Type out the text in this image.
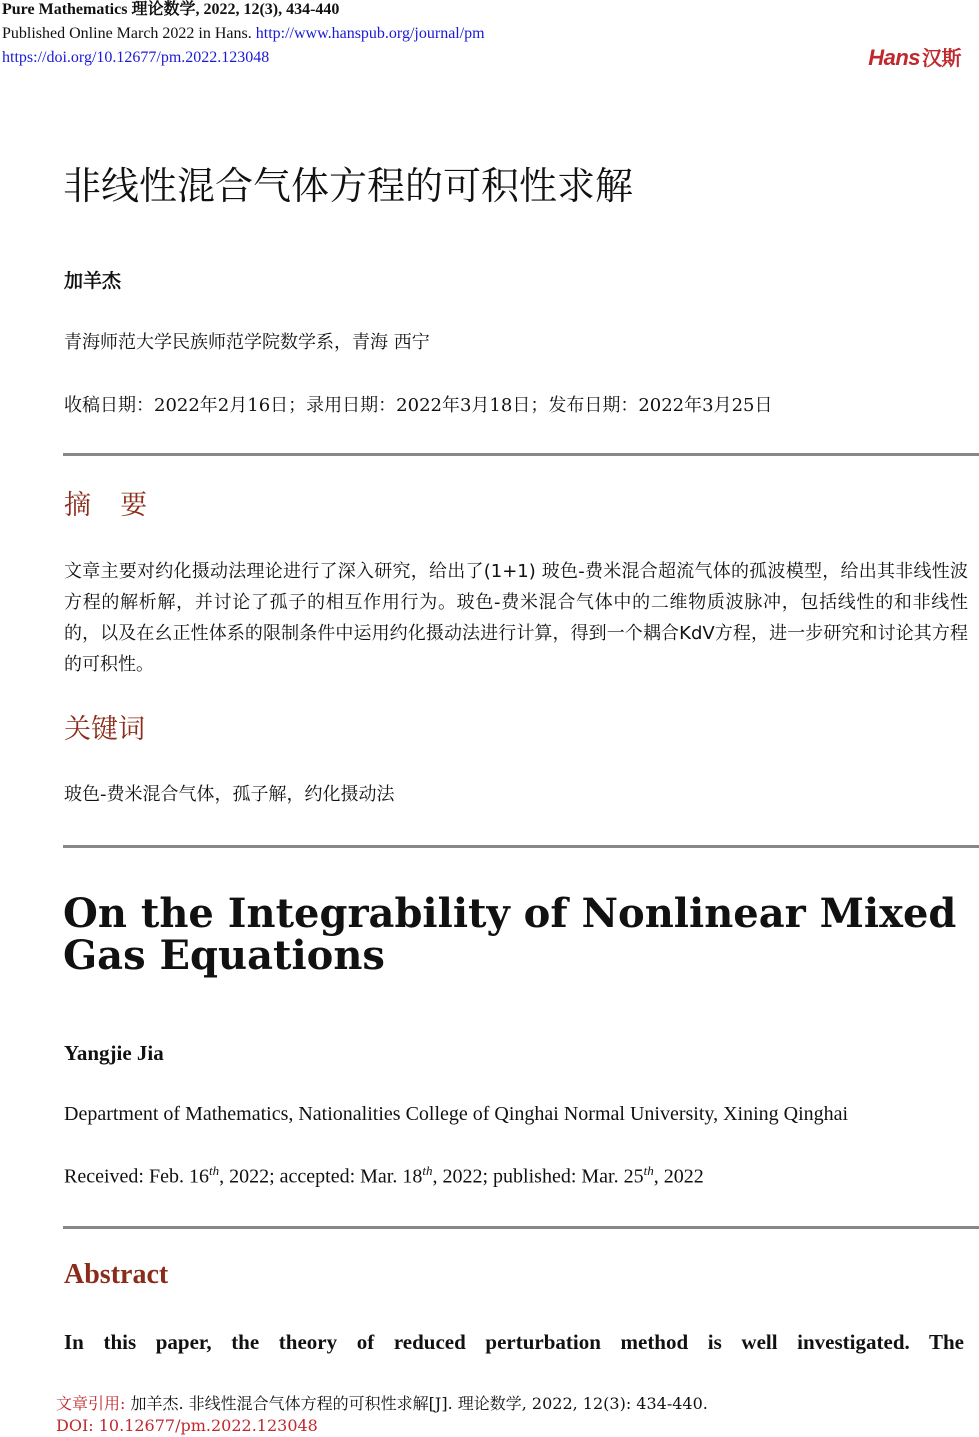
Pure Mathematics 理论数学, 2022, 12(3), 434-440
Published Online March 2022 in Hans. http://www.hanspub.org/journal/pm
https://doi.org/10.12677/pm.2022.123048	Hans 汉斯
非线性混合气体方程的可积性求解
加羊杰
青海师范大学民族师范学院数学系，青海 西宁
收稿日期：2022年2月16日；录用日期：2022年3月18日；发布日期：2022年3月25日
摘  要
文章主要对约化摄动法理论进行了深入研究，给出了(1+1) 玻色-费米混合超流气体的孤波模型，给出其非线性波方程的解析解，并讨论了孤子的相互作用行为。玻色-费米混合气体中的二维物质波脉冲，包括线性的和非线性的，以及在幺正性体系的限制条件中运用约化摄动法进行计算，得到一个耦合KdV方程，进一步研究和讨论其方程的可积性。
关键词
玻色-费米混合气体，孤子解，约化摄动法
On the Integrability of Nonlinear Mixed Gas Equations
Yangjie Jia
Department of Mathematics, Nationalities College of Qinghai Normal University, Xining Qinghai
Received: Feb. 16th, 2022; accepted: Mar. 18th, 2022; published: Mar. 25th, 2022
Abstract
In this paper, the theory of reduced perturbation method is well investigated. The
文章引用: 加羊杰. 非线性混合气体方程的可积性求解[J]. 理论数学, 2022, 12(3): 434-440.
DOI: 10.12677/pm.2022.123048
